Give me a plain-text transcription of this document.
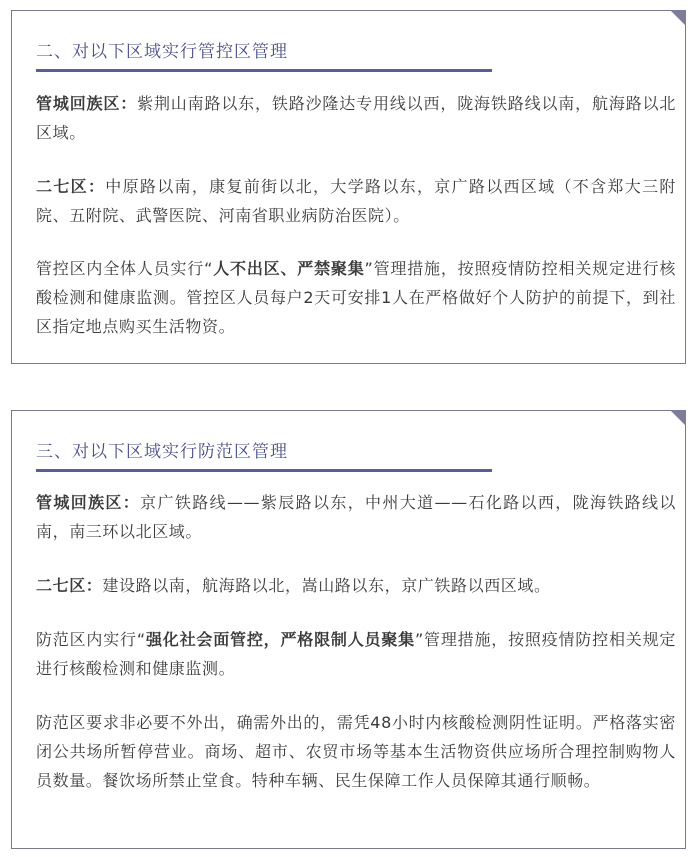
二、对以下区域实行管控区管理

管城回族区：紫荆山南路以东，铁路沙隆达专用线以西，陇海铁路线以南，航海路以北区域。

二七区：中原路以南，康复前街以北，大学路以东，京广路以西区域（不含郑大三附院、五附院、武警医院、河南省职业病防治医院）。

管控区内全体人员实行“人不出区、严禁聚集”管理措施，按照疫情防控相关规定进行核酸检测和健康监测。管控区人员每户2天可安排1人在严格做好个人防护的前提下，到社区指定地点购买生活物资。

三、对以下区域实行防范区管理

管城回族区：京广铁路线——紫辰路以东，中州大道——石化路以西，陇海铁路线以南，南三环以北区域。

二七区：建设路以南，航海路以北，嵩山路以东，京广铁路以西区域。

防范区内实行“强化社会面管控，严格限制人员聚集”管理措施，按照疫情防控相关规定进行核酸检测和健康监测。

防范区要求非必要不外出，确需外出的，需凭48小时内核酸检测阴性证明。严格落实密闭公共场所暂停营业。商场、超市、农贸市场等基本生活物资供应场所合理控制购物人员数量。餐饮场所禁止堂食。特种车辆、民生保障工作人员保障其通行顺畅。
